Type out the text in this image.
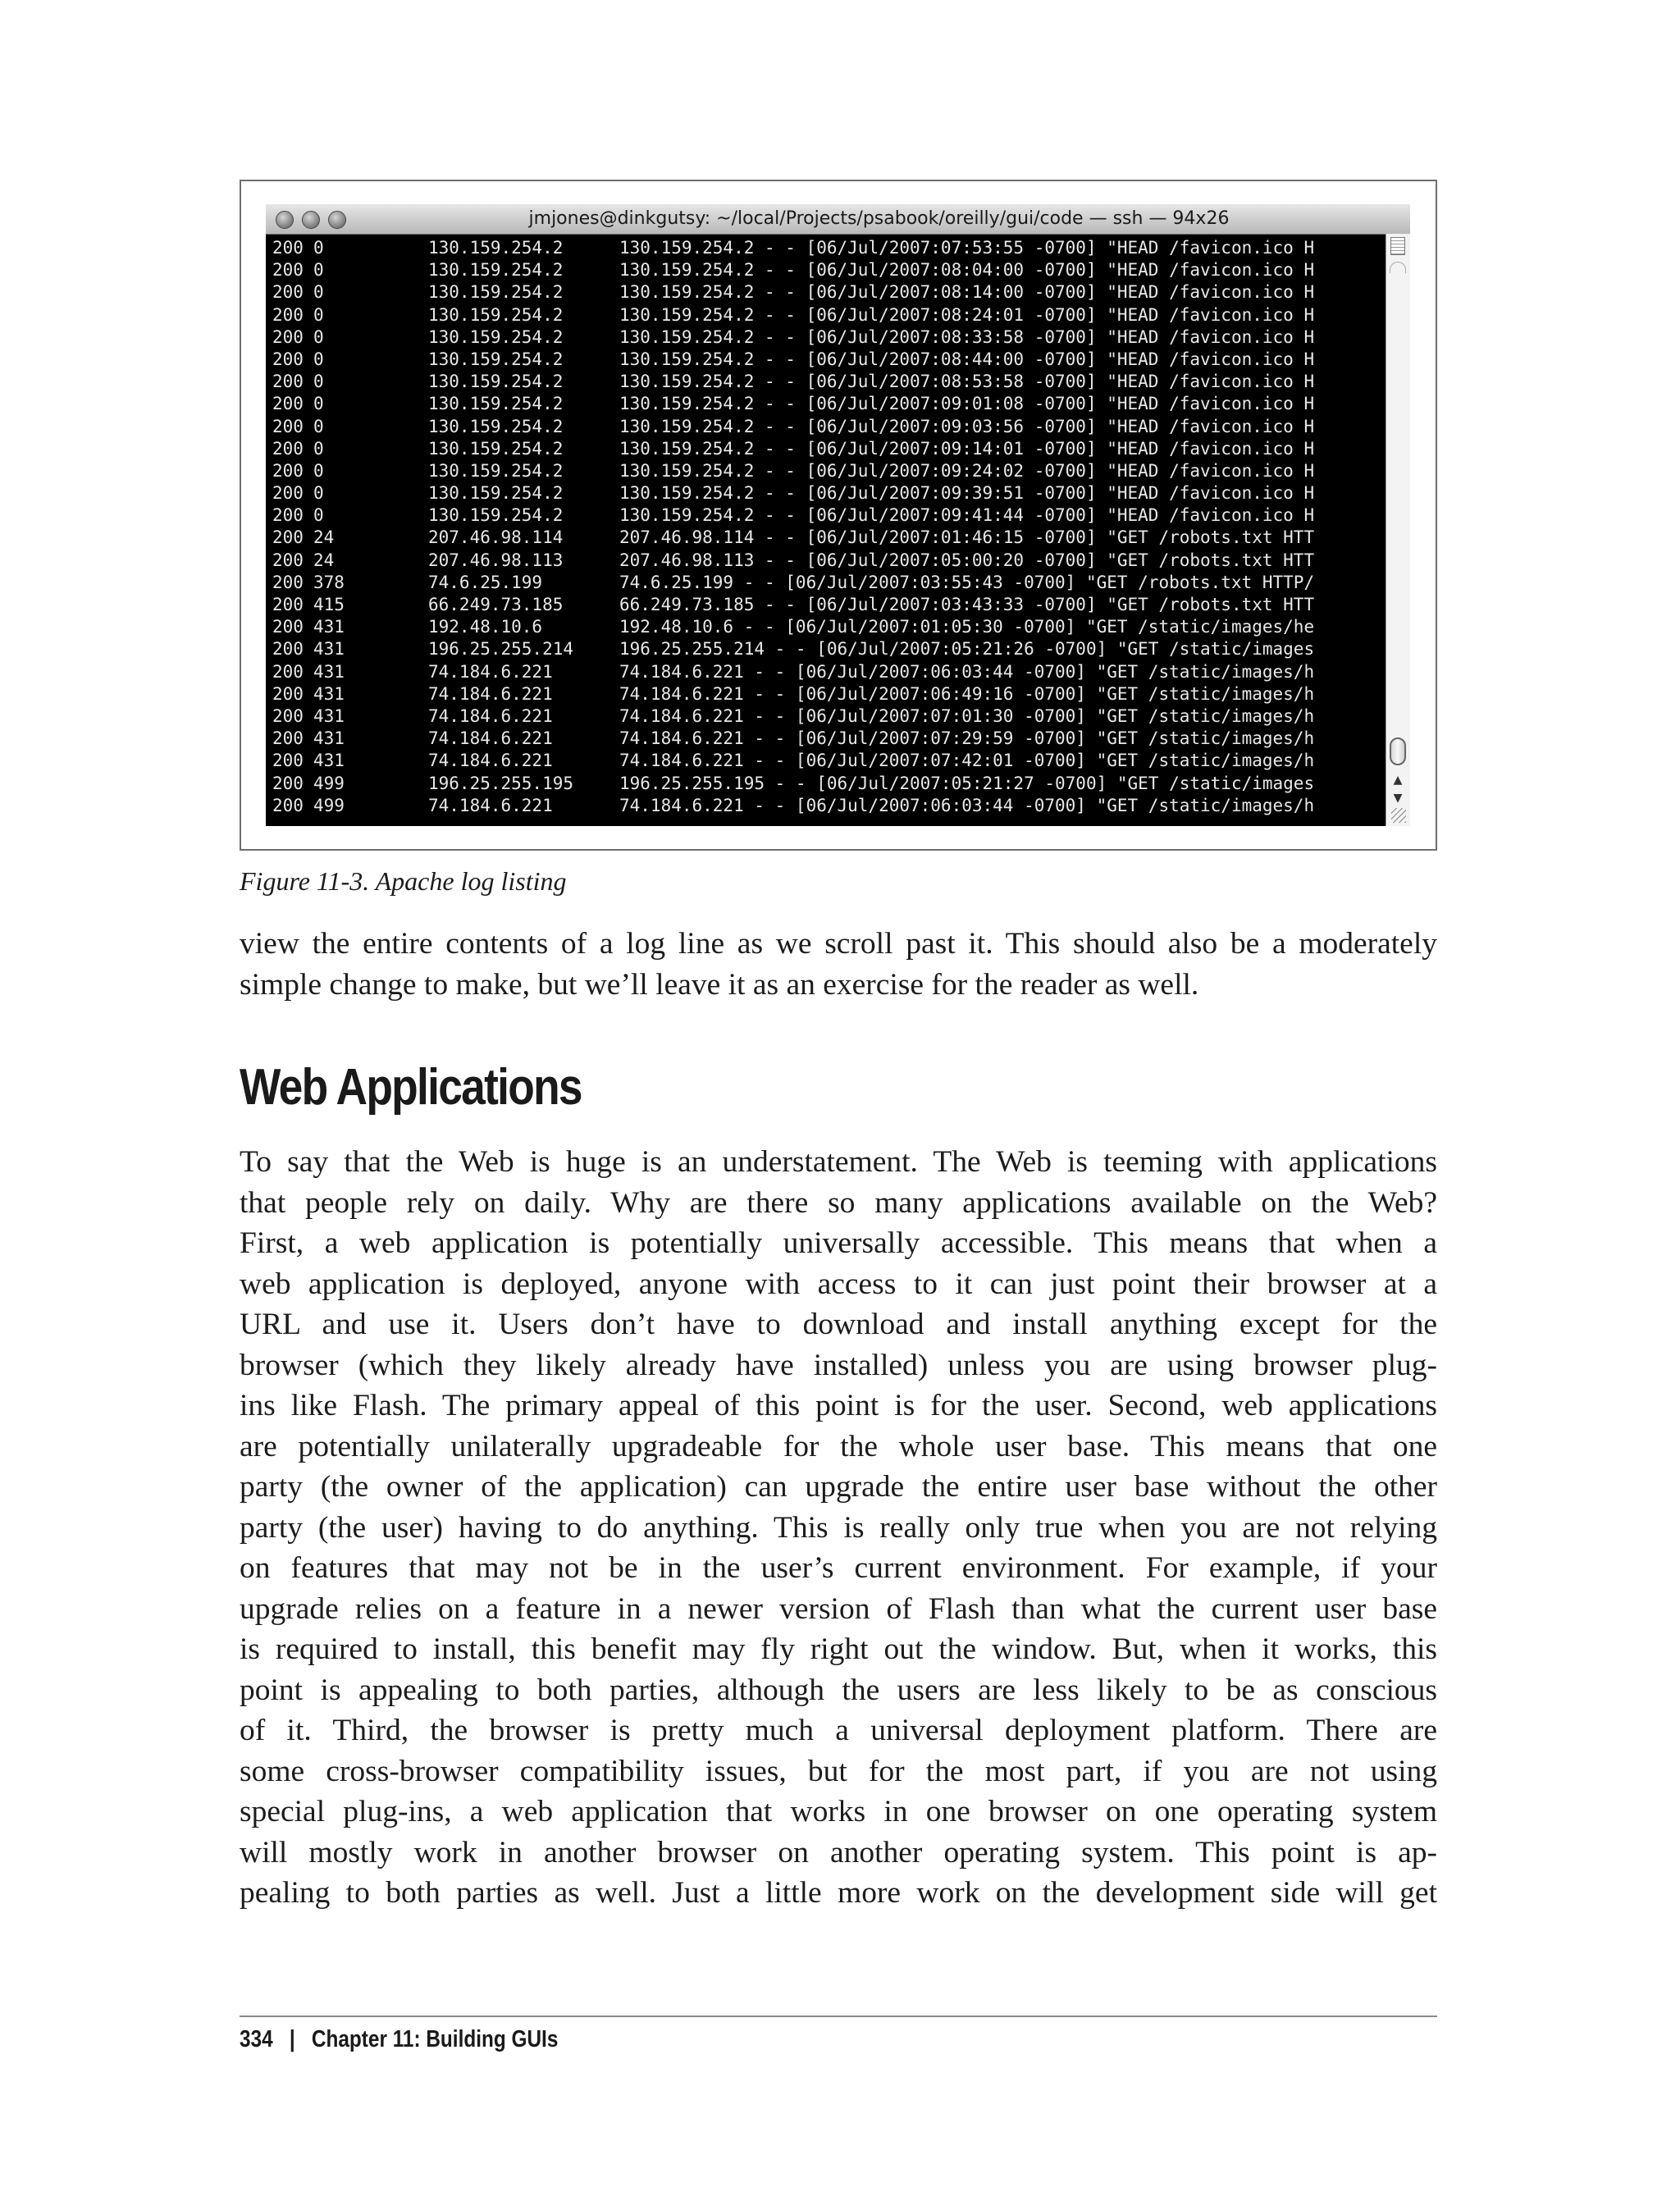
jmjones@dinkgutsy: ~/local/Projects/psabook/oreilly/gui/code — ssh — 94x26
200 0	130.159.254.2	130.159.254.2 - - [06/Jul/2007:07:53:55 -0700] "HEAD /favicon.ico H
200 0	130.159.254.2	130.159.254.2 - - [06/Jul/2007:08:04:00 -0700] "HEAD /favicon.ico H
200 0	130.159.254.2	130.159.254.2 - - [06/Jul/2007:08:14:00 -0700] "HEAD /favicon.ico H
200 0	130.159.254.2	130.159.254.2 - - [06/Jul/2007:08:24:01 -0700] "HEAD /favicon.ico H
200 0	130.159.254.2	130.159.254.2 - - [06/Jul/2007:08:33:58 -0700] "HEAD /favicon.ico H
200 0	130.159.254.2	130.159.254.2 - - [06/Jul/2007:08:44:00 -0700] "HEAD /favicon.ico H
200 0	130.159.254.2	130.159.254.2 - - [06/Jul/2007:08:53:58 -0700] "HEAD /favicon.ico H
200 0	130.159.254.2	130.159.254.2 - - [06/Jul/2007:09:01:08 -0700] "HEAD /favicon.ico H
200 0	130.159.254.2	130.159.254.2 - - [06/Jul/2007:09:03:56 -0700] "HEAD /favicon.ico H
200 0	130.159.254.2	130.159.254.2 - - [06/Jul/2007:09:14:01 -0700] "HEAD /favicon.ico H
200 0	130.159.254.2	130.159.254.2 - - [06/Jul/2007:09:24:02 -0700] "HEAD /favicon.ico H
200 0	130.159.254.2	130.159.254.2 - - [06/Jul/2007:09:39:51 -0700] "HEAD /favicon.ico H
200 0	130.159.254.2	130.159.254.2 - - [06/Jul/2007:09:41:44 -0700] "HEAD /favicon.ico H
200 24	207.46.98.114	207.46.98.114 - - [06/Jul/2007:01:46:15 -0700] "GET /robots.txt HTT
200 24	207.46.98.113	207.46.98.113 - - [06/Jul/2007:05:00:20 -0700] "GET /robots.txt HTT
200 378	74.6.25.199	74.6.25.199 - - [06/Jul/2007:03:55:43 -0700] "GET /robots.txt HTTP/
200 415	66.249.73.185	66.249.73.185 - - [06/Jul/2007:03:43:33 -0700] "GET /robots.txt HTT
200 431	192.48.10.6	192.48.10.6 - - [06/Jul/2007:01:05:30 -0700] "GET /static/images/he
200 431	196.25.255.214	196.25.255.214 - - [06/Jul/2007:05:21:26 -0700] "GET /static/images
200 431	74.184.6.221	74.184.6.221 - - [06/Jul/2007:06:03:44 -0700] "GET /static/images/h
200 431	74.184.6.221	74.184.6.221 - - [06/Jul/2007:06:49:16 -0700] "GET /static/images/h
200 431	74.184.6.221	74.184.6.221 - - [06/Jul/2007:07:01:30 -0700] "GET /static/images/h
200 431	74.184.6.221	74.184.6.221 - - [06/Jul/2007:07:29:59 -0700] "GET /static/images/h
200 431	74.184.6.221	74.184.6.221 - - [06/Jul/2007:07:42:01 -0700] "GET /static/images/h
200 499	196.25.255.195	196.25.255.195 - - [06/Jul/2007:05:21:27 -0700] "GET /static/images
200 499	74.184.6.221	74.184.6.221 - - [06/Jul/2007:06:03:44 -0700] "GET /static/images/h
▲
▼
Figure 11-3. Apache log listing
view the entire contents of a log line as we scroll past it. This should also be a moderately
simple change to make, but we’ll leave it as an exercise for the reader as well.
Web Applications
To say that the Web is huge is an understatement. The Web is teeming with applications
that people rely on daily. Why are there so many applications available on the Web?
First, a web application is potentially universally accessible. This means that when a
web application is deployed, anyone with access to it can just point their browser at a
URL and use it. Users don’t have to download and install anything except for the
browser (which they likely already have installed) unless you are using browser plug-
ins like Flash. The primary appeal of this point is for the user. Second, web applications
are potentially unilaterally upgradeable for the whole user base. This means that one
party (the owner of the application) can upgrade the entire user base without the other
party (the user) having to do anything. This is really only true when you are not relying
on features that may not be in the user’s current environment. For example, if your
upgrade relies on a feature in a newer version of Flash than what the current user base
is required to install, this benefit may fly right out the window. But, when it works, this
point is appealing to both parties, although the users are less likely to be as conscious
of it. Third, the browser is pretty much a universal deployment platform. There are
some cross-browser compatibility issues, but for the most part, if you are not using
special plug-ins, a web application that works in one browser on one operating system
will mostly work in another browser on another operating system. This point is ap-
pealing to both parties as well. Just a little more work on the development side will get
334 | Chapter 11: Building GUIs
